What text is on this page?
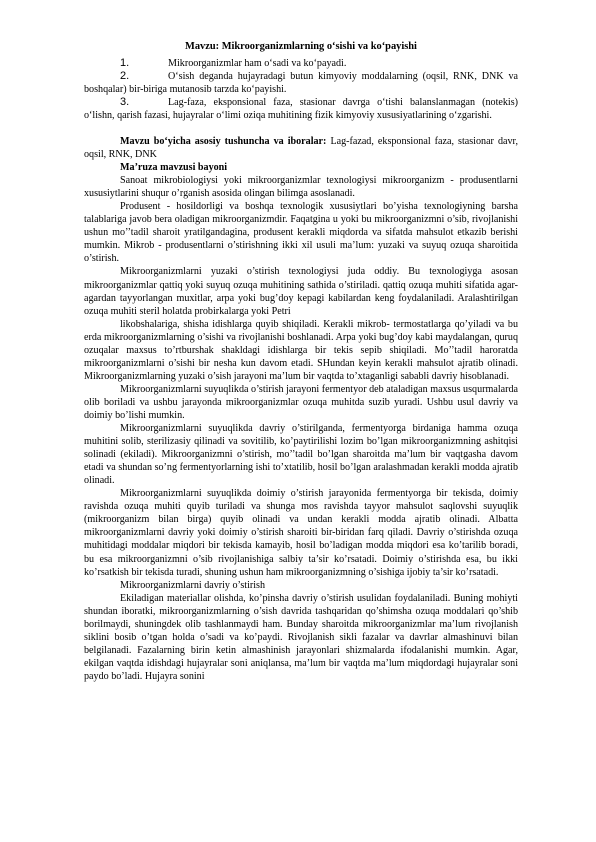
Mavzu: Mikroorganizmlarning o‘sishi va ko‘payishi
1.	Mikroorganizmlar ham o‘sadi va ko‘payadi.
2.	O‘sish deganda hujayradagi butun kimyoviy moddalarning (oqsil, RNK, DNK va boshqalar) bir-biriga mutanosib tarzda ko‘payishi.
3.	Lag-faza, eksponsional faza, stasionar davrga o‘tishi balanslanmagan (notekis) o‘lishn, qarish fazasi, hujayralar o‘limi oziqa muhitining fizik kimyoviy xususiyatlarining o‘zgarishi.

Mavzu bo‘yicha asosiy tushuncha va iboralar: Lag-fazad, eksponsional faza, stasionar davr, oqsil, RNK, DNK

Ma’ruza mavzusi bayoni

Sanoat mikrobiologiysi yoki mikroorganizmlar texnologiysi mikroorganizm - produsentlarni xususiytlarini shuqur o’rganish asosida olingan bilimga asoslanadi.

Produsent - hosildorligi va boshqa texnologik xususiytlari bo’yisha texnologiyning barsha talablariga javob bera oladigan mikroorganizmdir. Faqatgina u yoki bu mikroorganizmni o’sib, rivojlanishi ushun mo’’tadil sharoit yratilgandagina, produsent kerakli miqdorda va sifatda mahsulot etkazib berishi mumkin. Mikrob - produsentlarni o’stirishning ikki xil usuli ma’lum: yuzaki va suyuq ozuqa sharoitida o’stirish.

Mikroorganizmlarni yuzaki o’stirish texnologiysi juda oddiy. Bu texnologiyga asosan mikroorganizmlar qattiq yoki suyuq ozuqa muhitining sathida o’stiriladi. qattiq ozuqa muhiti sifatida agar-agardan tayyorlangan muxitlar, arpa yoki bug’doy kepagi kabilardan keng foydalaniladi. Aralashtirilgan ozuqa muhiti steril holatda probirkalarga yoki Petri

likobshalariga, shisha idishlarga quyib shiqiladi. Kerakli mikrob- termostatlarga qo’yiladi va bu erda mikroorganizmlarning o’sishi va rivojlanishi boshlanadi. Arpa yoki bug’doy kabi maydalangan, quruq ozuqalar maxsus to’rtburshak shakldagi idishlarga bir tekis sepib shiqiladi. Mo’’tadil haroratda mikroorganizmlarni o’sishi bir nesha kun davom etadi. SHundan keyin kerakli mahsulot ajratib olinadi. Mikroorganizmlarning yuzaki o’sish jarayoni ma’lum bir vaqtda to’xtaganligi sababli davriy hisoblanadi.

Mikroorganizmlarni suyuqlikda o’stirish jarayoni fermentyor deb ataladigan maxsus usqurmalarda olib boriladi va ushbu jarayonda mikroorganizmlar ozuqa muhitda suzib yuradi. Ushbu usul davriy va doimiy bo’lishi mumkin.

Mikroorganizmlarni suyuqlikda davriy o’stirilganda, fermentyorga birdaniga hamma ozuqa muhitini solib, sterilizasiy qilinadi va sovitilib, ko’paytirilishi lozim bo’lgan mikroorganizmning ashitqisi solinadi (ekiladi). Mikroorganizmni o’stirish, mo’’tadil bo’lgan sharoitda ma’lum bir vaqtgasha davom etadi va shundan so’ng fermentyorlarning ishi to’xtatilib, hosil bo’lgan aralashmadan kerakli modda ajratib olinadi.

Mikroorganizmlarni suyuqlikda doimiy o’stirish jarayonida fermentyorga bir tekisda, doimiy ravishda ozuqa muhiti quyib turiladi va shunga mos ravishda tayyor mahsulot saqlovshi suyuqlik (mikroorganizm bilan birga) quyib olinadi va undan kerakli modda ajratib olinadi. Albatta mikroorganizmlarni davriy yoki doimiy o’stirish sharoiti bir-biridan farq qiladi. Davriy o’stirishda ozuqa muhitidagi moddalar miqdori bir tekisda kamayib, hosil bo’ladigan modda miqdori esa ko’tarilib boradi, bu esa mikroorganizmni o’sib rivojlanishiga salbiy ta’sir ko’rsatadi. Doimiy o’stirishda esa, bu ikki ko’rsatkish bir tekisda turadi, shuning ushun ham mikroorganizmning o’sishiga ijobiy ta’sir ko’rsatadi.

Mikroorganizmlarni davriy o’stirish

Ekiladigan materiallar olishda, ko’pinsha davriy o’stirish usulidan foydalaniladi. Buning mohiyti shundan iboratki, mikroorganizmlarning o’sish davrida tashqaridan qo’shimsha ozuqa moddalari qo’shib borilmaydi, shuningdek olib tashlanmaydi ham. Bunday sharoitda mikroorganizmlar ma’lum rivojlanish siklini bosib o’tgan holda o’sadi va ko’paydi. Rivojlanish sikli fazalar va davrlar almashinuvi bilan belgilanadi. Fazalarning birin ketin almashinish jarayonlari shizmalarda ifodalanishi mumkin. Agar, ekilgan vaqtda idishdagi hujayralar soni aniqlansa, ma’lum bir vaqtda ma’lum miqdordagi hujayralar soni paydo bo’ladi. Hujayra sonini
